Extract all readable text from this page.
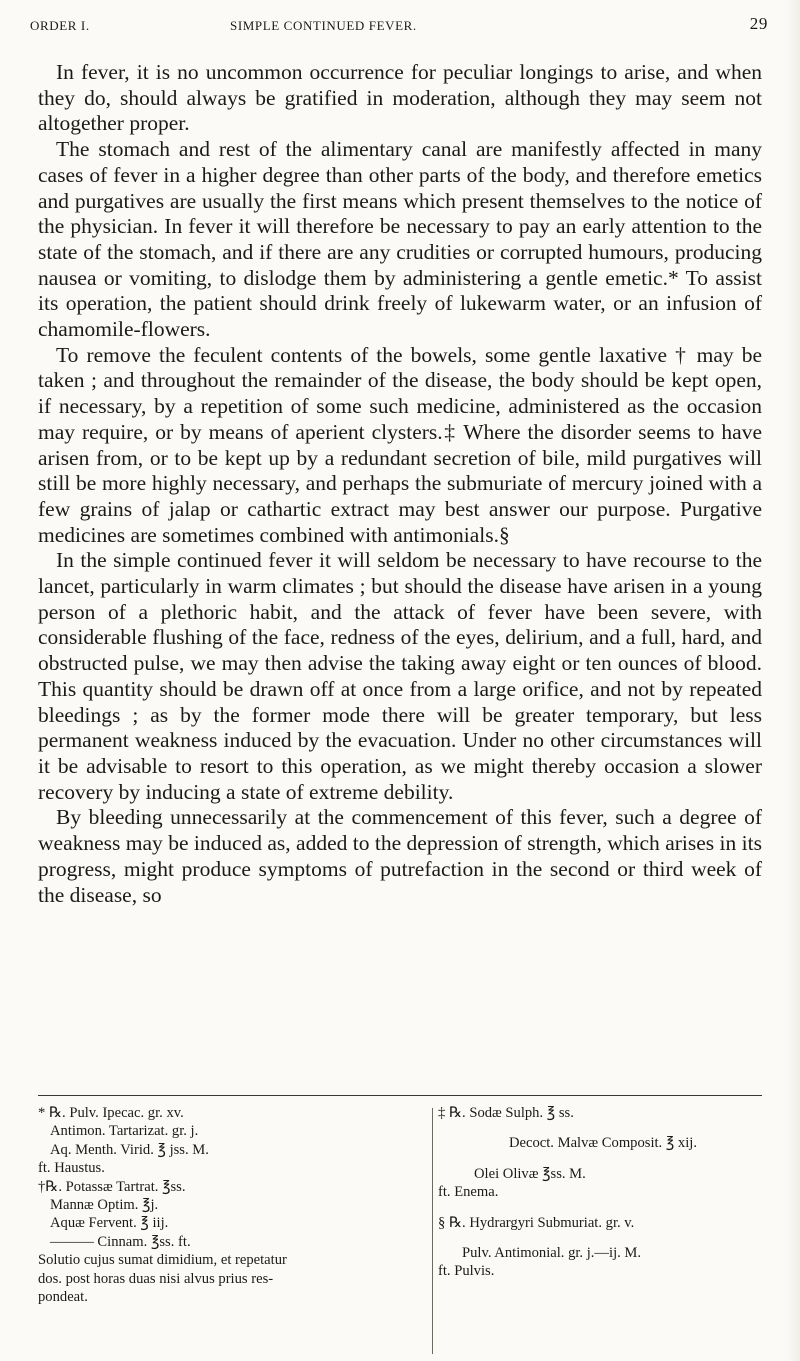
ORDER I.	SIMPLE CONTINUED FEVER.	29

In fever, it is no uncommon occurrence for peculiar longings to arise, and when they do, should always be gratified in moderation, although they may seem not altogether proper.

The stomach and rest of the alimentary canal are manifestly affected in many cases of fever in a higher degree than other parts of the body, and therefore emetics and purgatives are usually the first means which present themselves to the notice of the physician. In fever it will therefore be necessary to pay an early attention to the state of the stomach, and if there are any crudities or corrupted humours, producing nausea or vomiting, to dislodge them by administering a gentle emetic.* To assist its operation, the patient should drink freely of lukewarm water, or an infusion of chamomile-flowers.

To remove the feculent contents of the bowels, some gentle laxative † may be taken ; and throughout the remainder of the disease, the body should be kept open, if necessary, by a repetition of some such medicine, administered as the occasion may require, or by means of aperient clysters.‡ Where the disorder seems to have arisen from, or to be kept up by a redundant secretion of bile, mild purgatives will still be more highly necessary, and perhaps the submuriate of mercury joined with a few grains of jalap or cathartic extract may best answer our purpose. Purgative medicines are sometimes combined with antimonials.§

In the simple continued fever it will seldom be necessary to have recourse to the lancet, particularly in warm climates ; but should the disease have arisen in a young person of a plethoric habit, and the attack of fever have been severe, with considerable flushing of the face, redness of the eyes, delirium, and a full, hard, and obstructed pulse, we may then advise the taking away eight or ten ounces of blood. This quantity should be drawn off at once from a large orifice, and not by repeated bleedings ; as by the former mode there will be greater temporary, but less permanent weakness induced by the evacuation. Under no other circumstances will it be advisable to resort to this operation, as we might thereby occasion a slower recovery by inducing a state of extreme debility.

By bleeding unnecessarily at the commencement of this fever, such a degree of weakness may be induced as, added to the depression of strength, which arises in its progress, might produce symptoms of putrefaction in the second or third week of the disease, so

* ℞. Pulv. Ipecac. gr. xv.
Antimon. Tartarizat. gr. j.
Aq. Menth. Virid. ℥ jss. M.
ft. Haustus.
†℞. Potassæ Tartrat. ℥ss.
Mannæ Optim. ℥j.
Aquæ Fervent. ℥ iij.
——— Cinnam. ℥ss. ft.
Solutio cujus sumat dimidium, et repetatur
dos. post horas duas nisi alvus prius res-
pondeat.
‡ ℞. Sodæ Sulph. ℥ ss.
Decoct. Malvæ Composit. ℥ xij.
Olei Olivæ ℥ss. M.
ft. Enema.
§ ℞. Hydrargyri Submuriat. gr. v.
Pulv. Antimonial. gr. j.—ij. M.
ft. Pulvis.
